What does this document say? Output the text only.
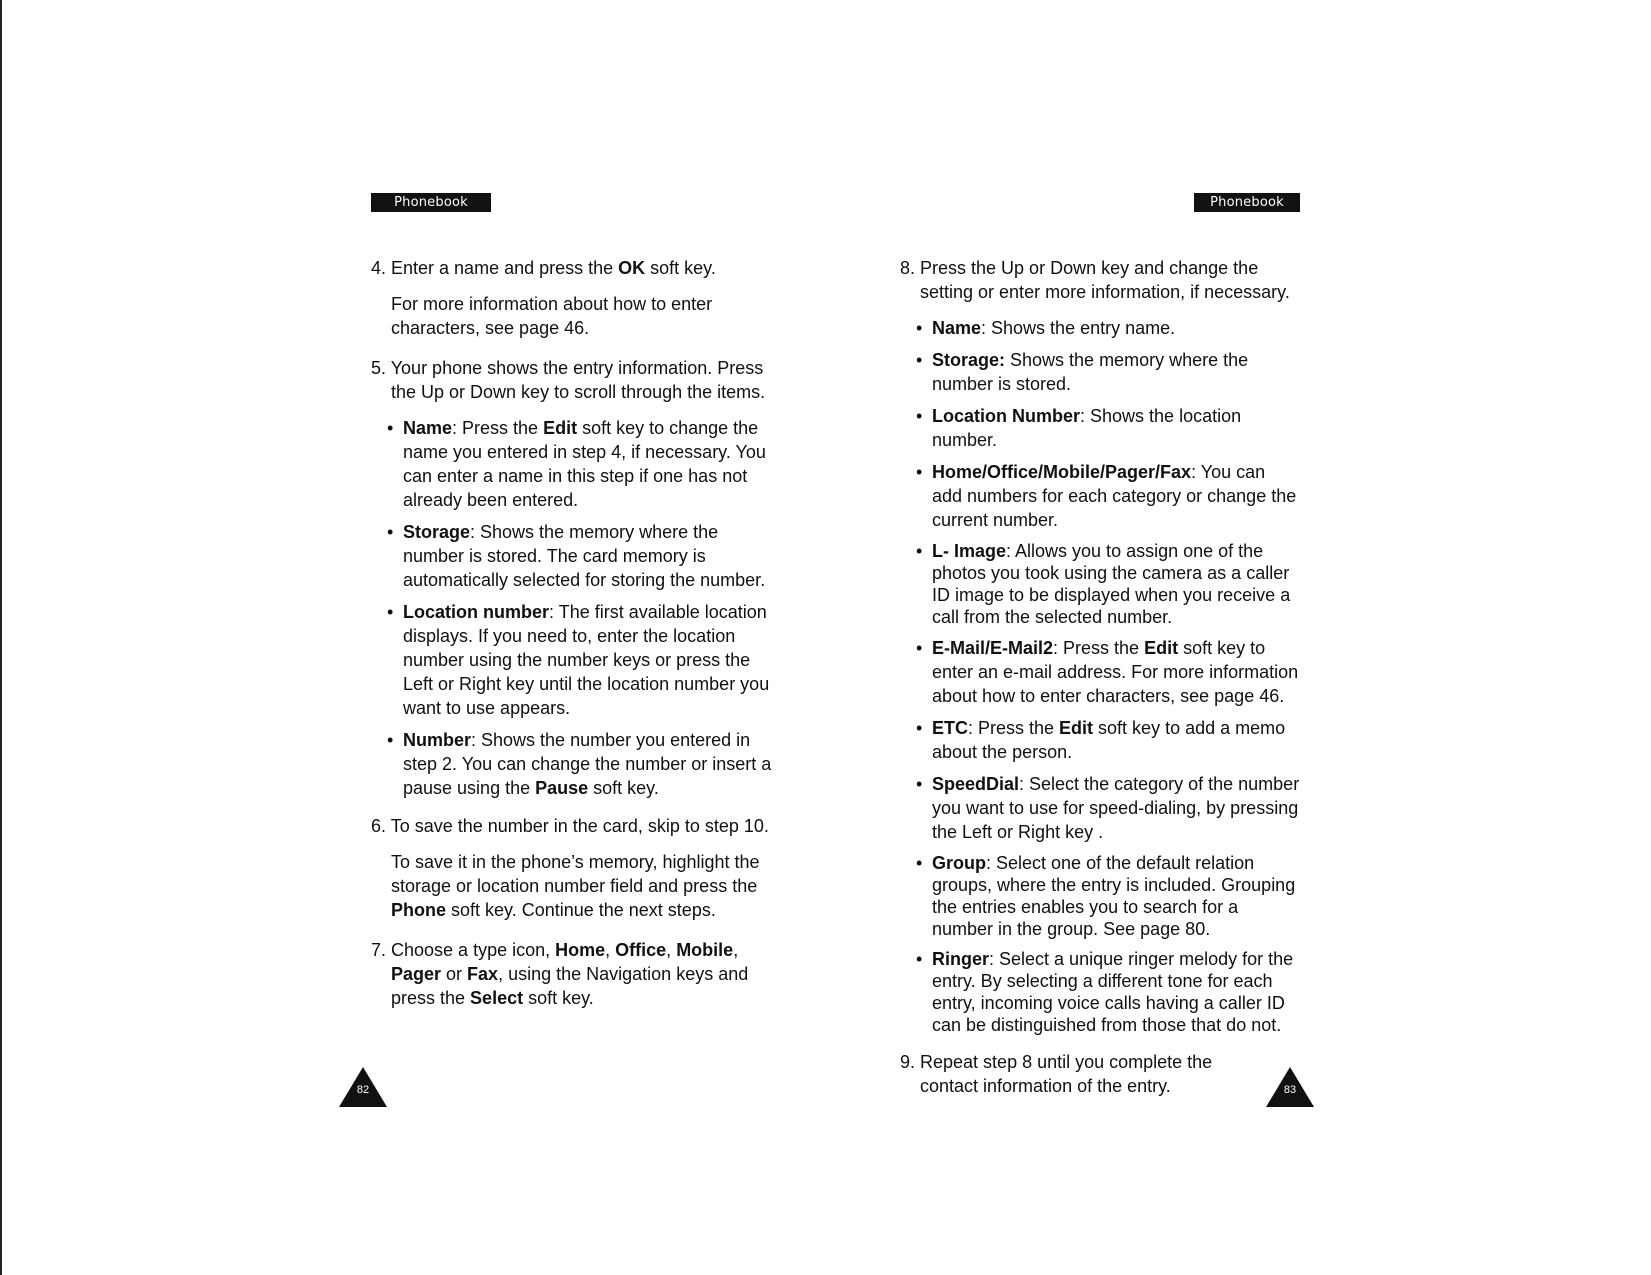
Phonebook

4. Enter a name and press the OK soft key.

For more information about how to enter characters, see page 46.

5. Your phone shows the entry information. Press the Up or Down key to scroll through the items.

• Name: Press the Edit soft key to change the name you entered in step 4, if necessary. You can enter a name in this step if one has not already been entered.
• Storage: Shows the memory where the number is stored. The card memory is automatically selected for storing the number.
• Location number: The first available location displays. If you need to, enter the location number using the number keys or press the Left or Right key until the location number you want to use appears.
• Number: Shows the number you entered in step 2. You can change the number or insert a pause using the Pause soft key.

6. To save the number in the card, skip to step 10.

To save it in the phone’s memory, highlight the storage or location number field and press the Phone soft key. Continue the next steps.

7. Choose a type icon, Home, Office, Mobile, Pager or Fax, using the Navigation keys and press the Select soft key.

82
Phonebook

8. Press the Up or Down key and change the setting or enter more information, if necessary.

• Name: Shows the entry name.
• Storage: Shows the memory where the number is stored.
• Location Number: Shows the location number.
• Home/Office/Mobile/Pager/Fax: You can add numbers for each category or change the current number.
• L- Image: Allows you to assign one of the photos you took using the camera as a caller ID image to be displayed when you receive a call from the selected number.
• E-Mail/E-Mail2: Press the Edit soft key to enter an e-mail address. For more information about how to enter characters, see page 46.
• ETC: Press the Edit soft key to add a memo about the person.
• SpeedDial: Select the category of the number you want to use for speed-dialing, by pressing the Left or Right key .
• Group: Select one of the default relation groups, where the entry is included. Grouping the entries enables you to search for a number in the group. See page 80.
• Ringer: Select a unique ringer melody for the entry. By selecting a different tone for each entry, incoming voice calls having a caller ID can be distinguished from those that do not.

9. Repeat step 8 until you complete the contact information of the entry.	83
